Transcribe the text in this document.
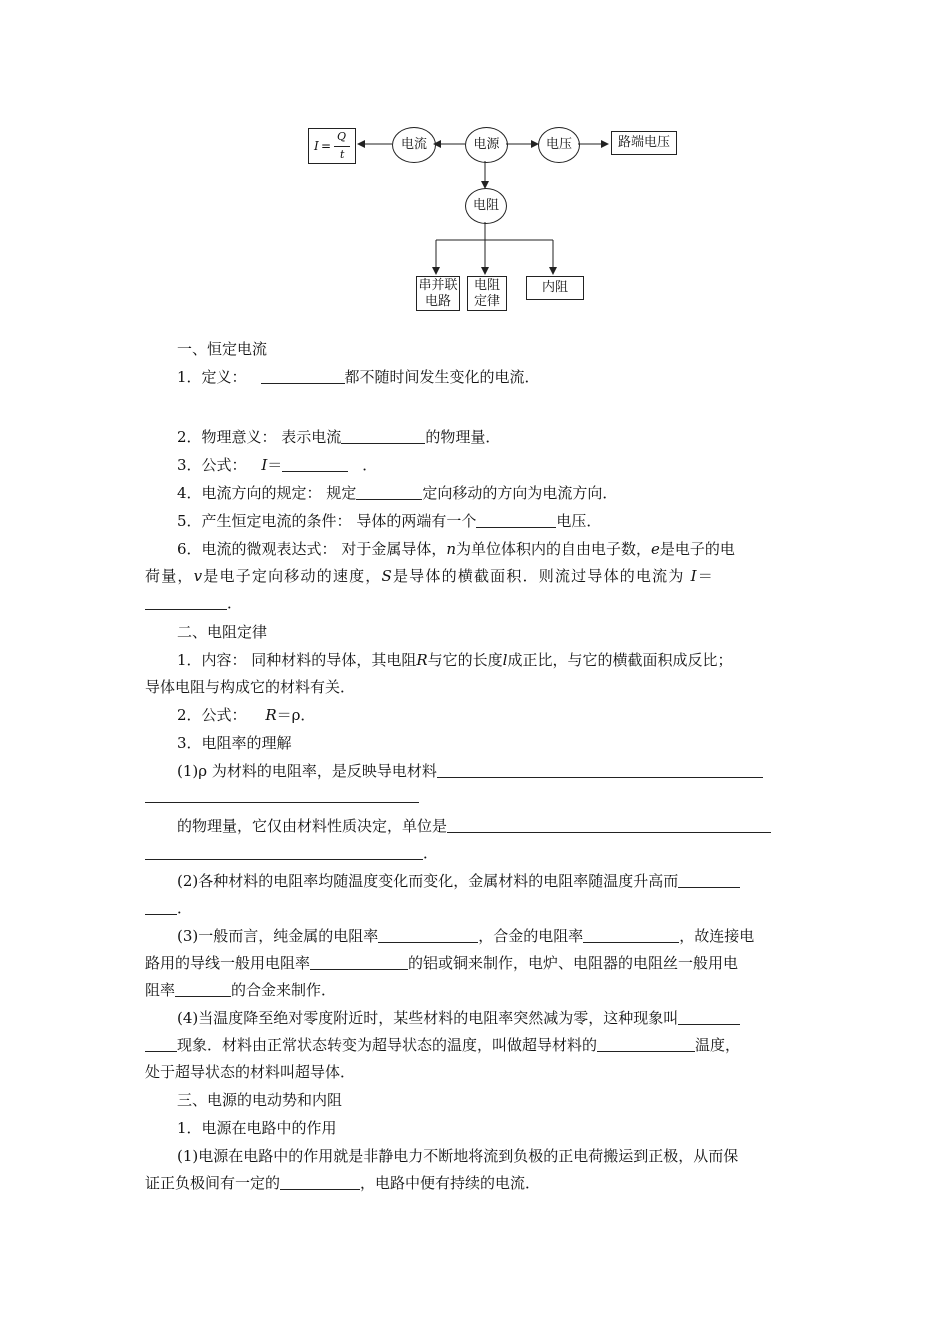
I =
Q
t
电流	电源	电压	路端电压
电阻
串并联
电路
电阻
定律
内阻
一、恒定电流
1．定义：	都不随时间发生变化的电流．
2．物理意义： 表示电流	的物理量．
3．公式： I＝	．
4．电流方向的规定： 规定	定向移动的方向为电流方向．
5．产生恒定电流的条件： 导体的两端有一个	电压．
6．电流的微观表达式： 对于金属导体，n为单位体积内的自由电子数，e是电子的电
荷量，v是电子定向移动的速度，S是导体的横截面积．则流过导体的电流为 I＝
．
二、电阻定律
1．内容： 同种材料的导体，其电阻R与它的长度l成正比，与它的横截面积成反比；
导体电阻与构成它的材料有关．
2．公式： R＝ρ．
3．电阻率的理解
(1)ρ 为材料的电阻率，是反映导电材料
的物理量，它仅由材料性质决定，单位是
．
(2)各种材料的电阻率均随温度变化而变化，金属材料的电阻率随温度升高而
．
(3)一般而言，纯金属的电阻率	，合金的电阻率	，故连接电
路用的导线一般用电阻率	的铝或铜来制作，电炉、电阻器的电阻丝一般用电
阻率	的合金来制作．
(4)当温度降至绝对零度附近时，某些材料的电阻率突然减为零，这种现象叫
现象．材料由正常状态转变为超导状态的温度，叫做超导材料的	温度，
处于超导状态的材料叫超导体．
三、电源的电动势和内阻
1．电源在电路中的作用
(1)电源在电路中的作用就是非静电力不断地将流到负极的正电荷搬运到正极，从而保
证正负极间有一定的	，电路中便有持续的电流．
